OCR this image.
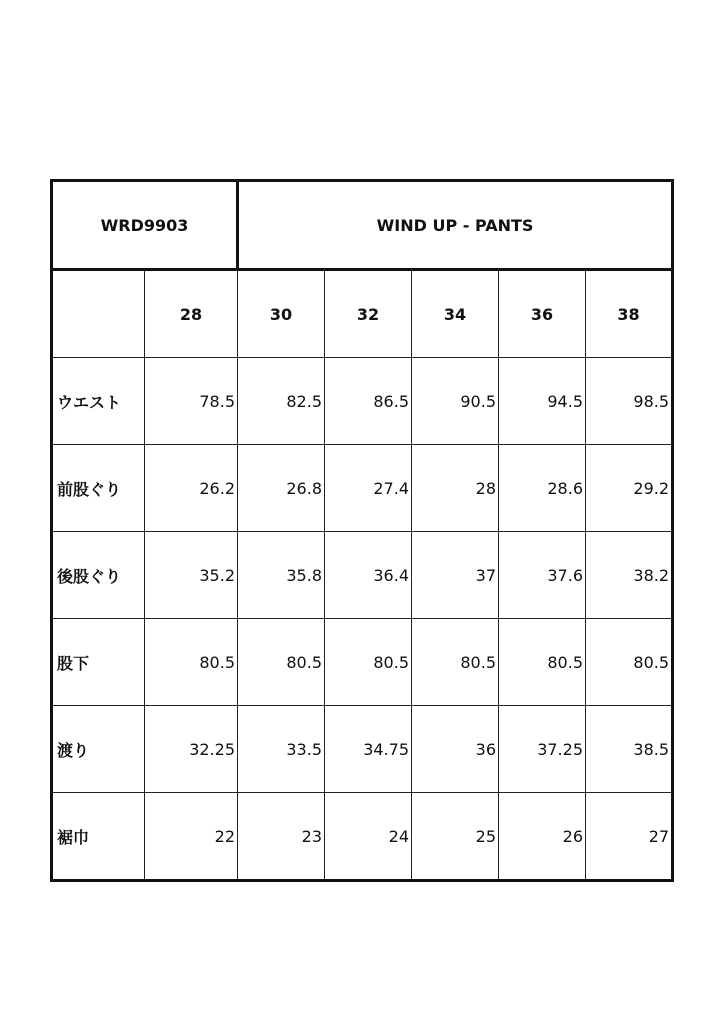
WRD9903		WIND UP - PANTS				
	28	30	32	34	36	38
ウエスト	78.5	82.5	86.5	90.5	94.5	98.5
前股ぐり	26.2	26.8	27.4	28	28.6	29.2
後股ぐり	35.2	35.8	36.4	37	37.6	38.2
股下	80.5	80.5	80.5	80.5	80.5	80.5
渡り	32.25	33.5	34.75	36	37.25	38.5
裾巾	22	23	24	25	26	27
